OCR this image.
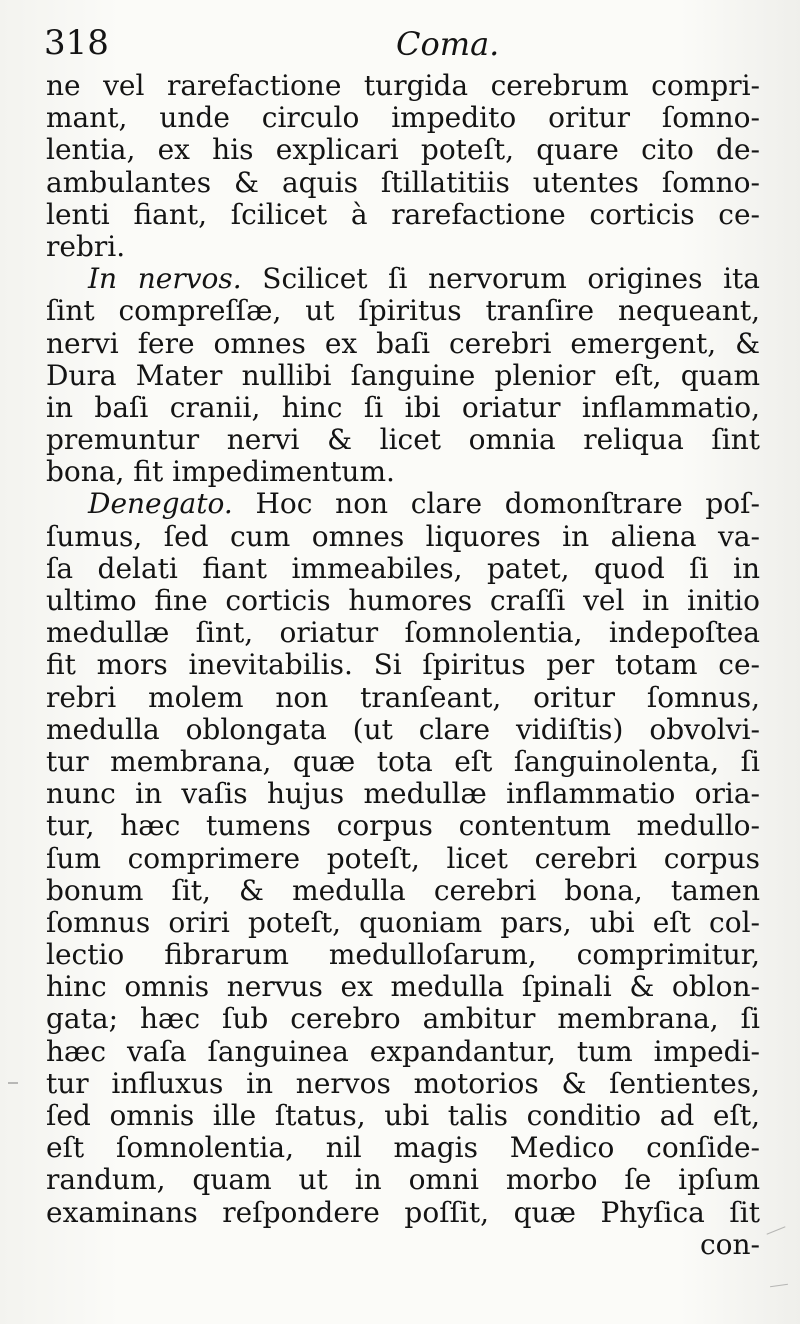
318	Coma.
ne vel rarefactione turgida cerebrum compri-
mant, unde circulo impedito oritur ſomno-
lentia, ex his explicari poteſt, quare cito de-
ambulantes & aquis ſtillatitiis utentes ſomno-
lenti fiant, ſcilicet à rarefactione corticis ce-
rebri.
In nervos. Scilicet ſi nervorum origines ita
ſint compreſſæ, ut ſpiritus tranſire nequeant,
nervi fere omnes ex baſi cerebri emergent, &
Dura Mater nullibi ſanguine plenior eſt, quam
in baſi cranii, hinc ſi ibi oriatur inflammatio,
premuntur nervi & licet omnia reliqua ſint
bona, fit impedimentum.
Denegato. Hoc non clare domonſtrare poſ-
ſumus, ſed cum omnes liquores in aliena va-
ſa delati fiant immeabiles, patet, quod ſi in
ultimo fine corticis humores craſſi vel in initio
medullæ ſint, oriatur ſomnolentia, indepoſtea
fit mors inevitabilis. Si ſpiritus per totam ce-
rebri molem non tranſeant, oritur ſomnus,
medulla oblongata (ut clare vidiſtis) obvolvi-
tur membrana, quæ tota eſt ſanguinolenta, ſi
nunc in vaſis hujus medullæ inflammatio oria-
tur, hæc tumens corpus contentum medullo-
ſum comprimere poteſt, licet cerebri corpus
bonum ſit, & medulla cerebri bona, tamen
ſomnus oriri poteſt, quoniam pars, ubi eſt col-
lectio fibrarum medulloſarum, comprimitur,
hinc omnis nervus ex medulla ſpinali & oblon-
gata; hæc ſub cerebro ambitur membrana, ſi
hæc vaſa ſanguinea expandantur, tum impedi-
tur influxus in nervos motorios & ſentientes,
ſed omnis ille ſtatus, ubi talis conditio ad eſt,
eſt ſomnolentia, nil magis Medico conſide-
randum, quam ut in omni morbo ſe ipſum
examinans reſpondere poſſit, quæ Phyſica ſit
con-
